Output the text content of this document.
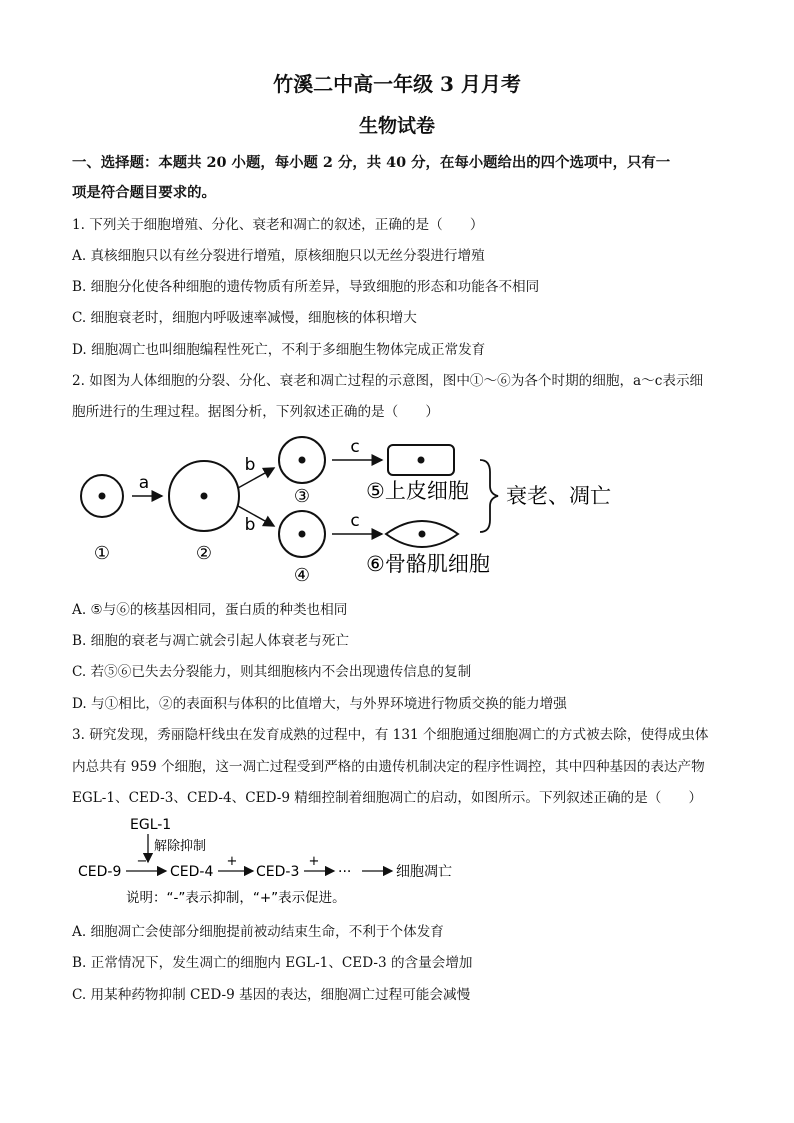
竹溪二中高一年级 3 月月考
生物试卷
一、选择题：本题共 20 小题，每小题 2 分，共 40 分，在每小题给出的四个选项中，只有一
项是符合题目要求的。
1. 下列关于细胞增殖、分化、衰老和凋亡的叙述，正确的是（　　）
A. 真核细胞只以有丝分裂进行增殖，原核细胞只以无丝分裂进行增殖
B. 细胞分化使各种细胞的遗传物质有所差异，导致细胞的形态和功能各不相同
C. 细胞衰老时，细胞内呼吸速率减慢，细胞核的体积增大
D. 细胞凋亡也叫细胞编程性死亡，不利于多细胞生物体完成正常发育
2. 如图为人体细胞的分裂、分化、衰老和凋亡过程的示意图，图中①～⑥为各个时期的细胞，a～c表示细
胞所进行的生理过程。据图分析，下列叙述正确的是（　　）
①
a
②
b
b
③
④
c
c
⑤上皮细胞
⑥骨骼肌细胞
衰老、凋亡
A. ⑤与⑥的核基因相同，蛋白质的种类也相同
B. 细胞的衰老与凋亡就会引起人体衰老与死亡
C. 若⑤⑥已失去分裂能力，则其细胞核内不会出现遗传信息的复制
D. 与①相比，②的表面积与体积的比值增大，与外界环境进行物质交换的能力增强
3. 研究发现，秀丽隐杆线虫在发育成熟的过程中，有 131 个细胞通过细胞凋亡的方式被去除，使得成虫体
内总共有 959 个细胞，这一凋亡过程受到严格的由遗传机制决定的程序性调控，其中四种基因的表达产物
EGL-1、CED-3、CED-4、CED-9 精细控制着细胞凋亡的启动，如图所示。下列叙述正确的是（　　）
EGL-1
解除抑制
CED-9
−
CED-4
+
CED-3
+
···	细胞凋亡
说明：“-”表示抑制，“+”表示促进。
A. 细胞凋亡会使部分细胞提前被动结束生命，不利于个体发育
B. 正常情况下，发生凋亡的细胞内 EGL-1、CED-3 的含量会增加
C. 用某种药物抑制 CED-9 基因的表达，细胞凋亡过程可能会减慢
